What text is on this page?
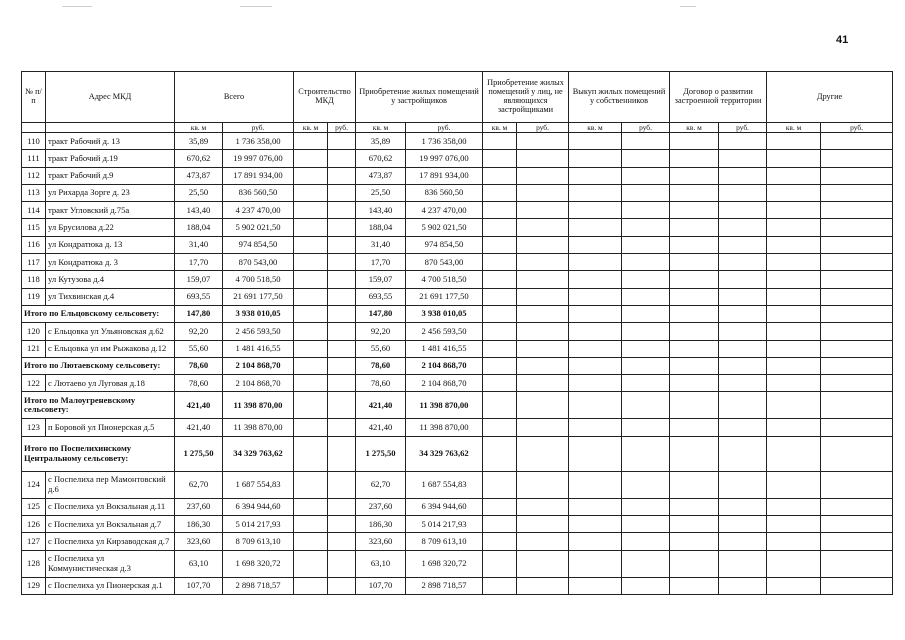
41
№ п/п	Адрес МКД	Всего		Строительство МКД		Приобретение жилых помещений у застройщиков		Приобретение жилых помещений у лиц, не являющихся застройщиками		Выкуп жилых помещений у собственников		Договор о развитии застроенной территории		Другие	
		кв. м	руб.	кв. м	руб.	кв. м	руб.	кв. м	руб.	кв. м	руб.	кв. м	руб.	кв. м	руб.
110	тракт Рабочий д. 13	35,89	1 736 358,00			35,89	1 736 358,00								
111	тракт Рабочий д.19	670,62	19 997 076,00			670,62	19 997 076,00								
112	тракт Рабочий д.9	473,87	17 891 934,00			473,87	17 891 934,00								
113	ул Рихарда Зорге д. 23	25,50	836 560,50			25,50	836 560,50								
114	тракт Угловский д.75а	143,40	4 237 470,00			143,40	4 237 470,00								
115	ул Брусилова д.22	188,04	5 902 021,50			188,04	5 902 021,50								
116	ул Кондратюка д. 13	31,40	974 854,50			31,40	974 854,50								
117	ул Кондратюка д. 3	17,70	870 543,00			17,70	870 543,00								
118	ул Кутузова д.4	159,07	4 700 518,50			159,07	4 700 518,50								
119	ул Тихвинская д.4	693,55	21 691 177,50			693,55	21 691 177,50								
Итого по Ельцовскому сельсовету:		147,80	3 938 010,05			147,80	3 938 010,05								
120	с Ельцовка ул Ульяновская д.62	92,20	2 456 593,50			92,20	2 456 593,50								
121	с Ельцовка ул им Рыжакова д.12	55,60	1 481 416,55			55,60	1 481 416,55								
Итого по Лютаевскому сельсовету:		78,60	2 104 868,70			78,60	2 104 868,70								
122	с Лютаево ул Луговая д.18	78,60	2 104 868,70			78,60	2 104 868,70								
Итого по Малоугреневскому сельсовету:		421,40	11 398 870,00			421,40	11 398 870,00								
123	п Боровой ул Пионерская д.5	421,40	11 398 870,00			421,40	11 398 870,00								
Итого по Поспелихинскому Центральному сельсовету:		1 275,50	34 329 763,62			1 275,50	34 329 763,62								
124	с Поспелиха пер Мамонтовский д.6	62,70	1 687 554,83			62,70	1 687 554,83								
125	с Поспелиха ул Вокзальная д.11	237,60	6 394 944,60			237,60	6 394 944,60								
126	с Поспелиха ул Вокзальная д.7	186,30	5 014 217,93			186,30	5 014 217,93								
127	с Поспелиха ул Кирзаводская д.7	323,60	8 709 613,10			323,60	8 709 613,10								
128	с Поспелиха ул Коммунистическая д.3	63,10	1 698 320,72			63,10	1 698 320,72								
129	с Поспелиха ул Пионерская д.1	107,70	2 898 718,57			107,70	2 898 718,57								
